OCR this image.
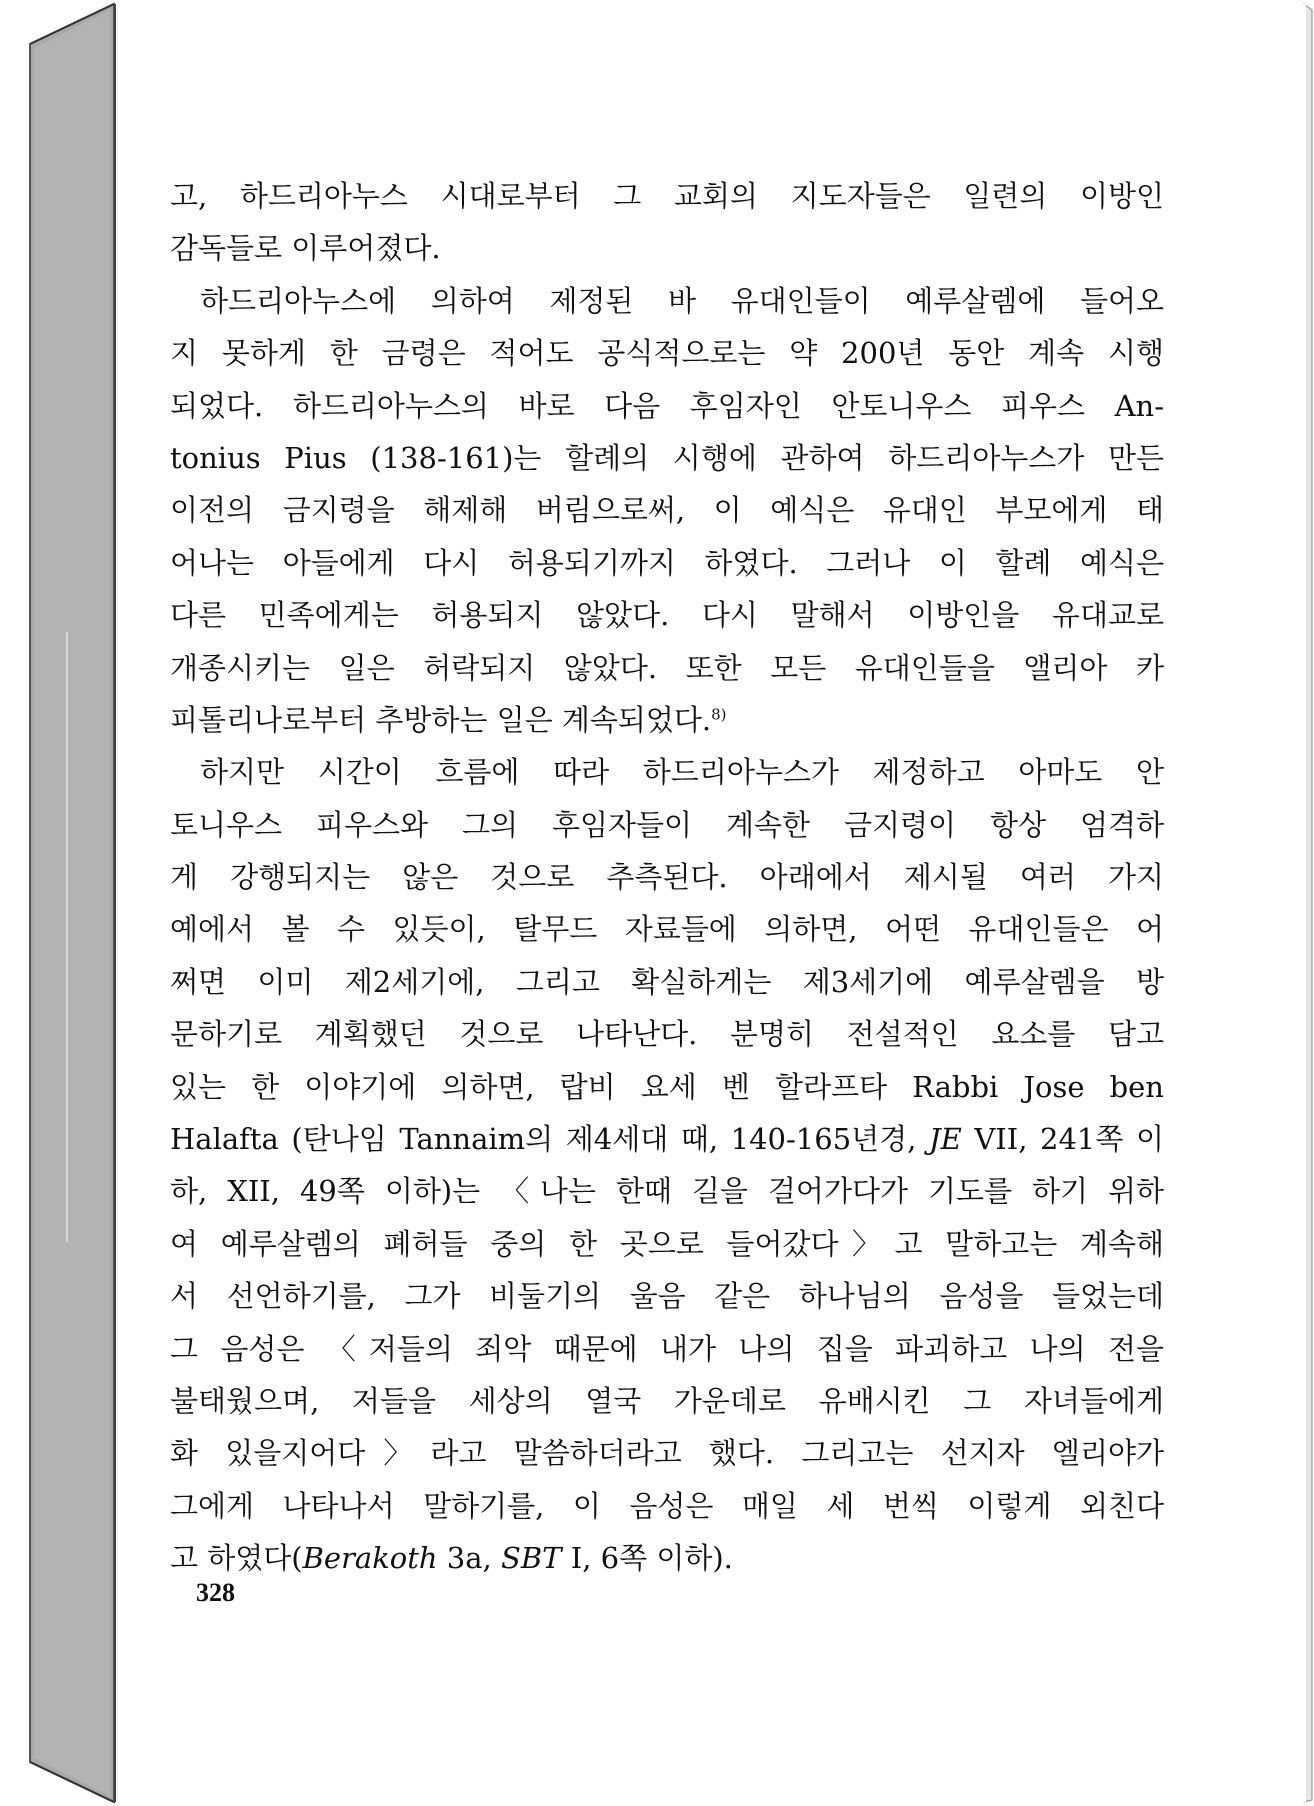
고, 하드리아누스 시대로부터 그 교회의 지도자들은 일련의 이방인
감독들로 이루어졌다.
하드리아누스에 의하여 제정된 바 유대인들이 예루살렘에 들어오
지 못하게 한 금령은 적어도 공식적으로는 약 200년 동안 계속 시행
되었다. 하드리아누스의 바로 다음 후임자인 안토니우스 피우스 An-
tonius Pius (138-161)는 할례의 시행에 관하여 하드리아누스가 만든
이전의 금지령을 해제해 버림으로써, 이 예식은 유대인 부모에게 태
어나는 아들에게 다시 허용되기까지 하였다. 그러나 이 할례 예식은
다른 민족에게는 허용되지 않았다. 다시 말해서 이방인을 유대교로
개종시키는 일은 허락되지 않았다. 또한 모든 유대인들을 앨리아 카
피톨리나로부터 추방하는 일은 계속되었다.$^{8)}$
하지만 시간이 흐름에 따라 하드리아누스가 제정하고 아마도 안
토니우스 피우스와 그의 후임자들이 계속한 금지령이 항상 엄격하
게 강행되지는 않은 것으로 추측된다. 아래에서 제시될 여러 가지
예에서 볼 수 있듯이, 탈무드 자료들에 의하면, 어떤 유대인들은 어
쩌면 이미 제2세기에, 그리고 확실하게는 제3세기에 예루살렘을 방
문하기로 계획했던 것으로 나타난다. 분명히 전설적인 요소를 담고
있는 한 이야기에 의하면, 랍비 요세 벤 할라프타 Rabbi Jose ben
Halafta (탄나임 Tannaim의 제4세대 때, 140-165년경, JE VII, 241쪽 이
하, XII, 49쪽 이하)는 〈나는 한때 길을 걸어가다가 기도를 하기 위하
여 예루살렘의 폐허들 중의 한 곳으로 들어갔다〉고 말하고는 계속해
서 선언하기를, 그가 비둘기의 울음 같은 하나님의 음성을 들었는데
그 음성은 〈저들의 죄악 때문에 내가 나의 집을 파괴하고 나의 전을
불태웠으며, 저들을 세상의 열국 가운데로 유배시킨 그 자녀들에게
화 있을지어다〉라고 말씀하더라고 했다. 그리고는 선지자 엘리야가
그에게 나타나서 말하기를, 이 음성은 매일 세 번씩 이렇게 외친다
고 하였다(Berakoth 3a, SBT I, 6쪽 이하).
328
